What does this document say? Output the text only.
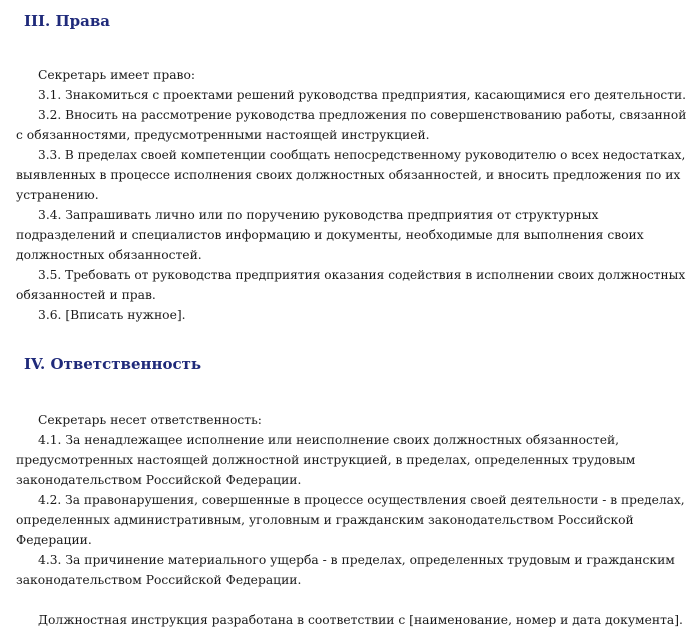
III. Права

Секретарь имеет право:

3.1. Знакомиться с проектами решений руководства предприятия, касающимися его деятельности.

3.2. Вносить на рассмотрение руководства предложения по совершенствованию работы, связанной

с обязанностями, предусмотренными настоящей инструкцией.

3.3. В пределах своей компетенции сообщать непосредственному руководителю о всех недостатках,

выявленных в процессе исполнения своих должностных обязанностей, и вносить предложения по их

устранению.

3.4. Запрашивать лично или по поручению руководства предприятия от структурных

подразделений и специалистов информацию и документы, необходимые для выполнения своих

должностных обязанностей.

3.5. Требовать от руководства предприятия оказания содействия в исполнении своих должностных

обязанностей и прав.

3.6. [Вписать нужное].

IV. Ответственность

Секретарь несет ответственность:

4.1. За ненадлежащее исполнение или неисполнение своих должностных обязанностей,

предусмотренных настоящей должностной инструкцией, в пределах, определенных трудовым

законодательством Российской Федерации.

4.2. За правонарушения, совершенные в процессе осуществления своей деятельности - в пределах,

определенных административным, уголовным и гражданским законодательством Российской

Федерации.

4.3. За причинение материального ущерба - в пределах, определенных трудовым и гражданским

законодательством Российской Федерации.

Должностная инструкция разработана в соответствии с [наименование, номер и дата документа].
